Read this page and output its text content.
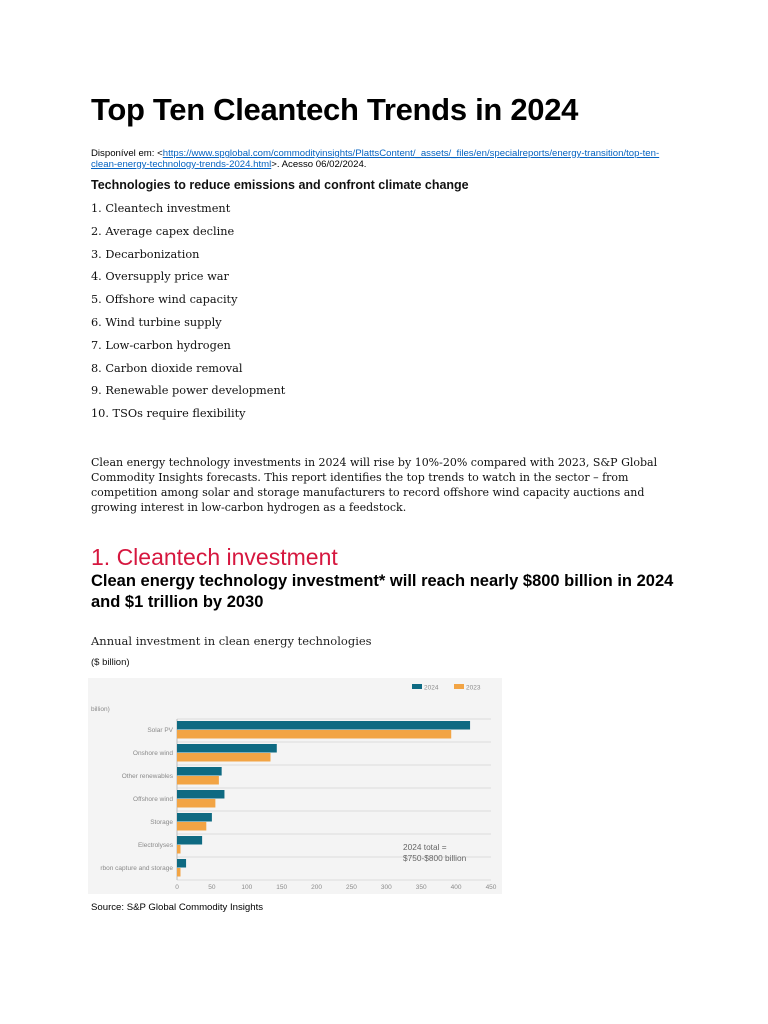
Top Ten Cleantech Trends in 2024
Disponível em: <https://www.spglobal.com/commodityinsights/PlattsContent/_assets/_files/en/specialreports/energy-transition/top-ten-clean-energy-technology-trends-2024.html>. Acesso 06/02/2024.
Technologies to reduce emissions and confront climate change
1. Cleantech investment
2. Average capex decline
3. Decarbonization
4. Oversupply price war
5. Offshore wind capacity
6. Wind turbine supply
7. Low-carbon hydrogen
8. Carbon dioxide removal
9. Renewable power development
10. TSOs require flexibility

Clean energy technology investments in 2024 will rise by 10%-20% compared with 2023, S&P Global Commodity Insights forecasts. This report identifies the top trends to watch in the sector – from competition among solar and storage manufacturers to record offshore wind capacity auctions and growing interest in low-carbon hydrogen as a feedstock.

1. Cleantech investment
Clean energy technology investment* will reach nearly $800 billion in 2024 and $1 trillion by 2030
Annual investment in clean energy technologies
($ billion)
billion)
Solar PV
Onshore wind
Other renewables
Offshore wind
Storage
Electrolyses
rbon capture and storage
0	50	100	150	200	250	300	350	400	450
2024	2023
2024 total =
$750-$800 billion
Source: S&P Global Commodity Insights
